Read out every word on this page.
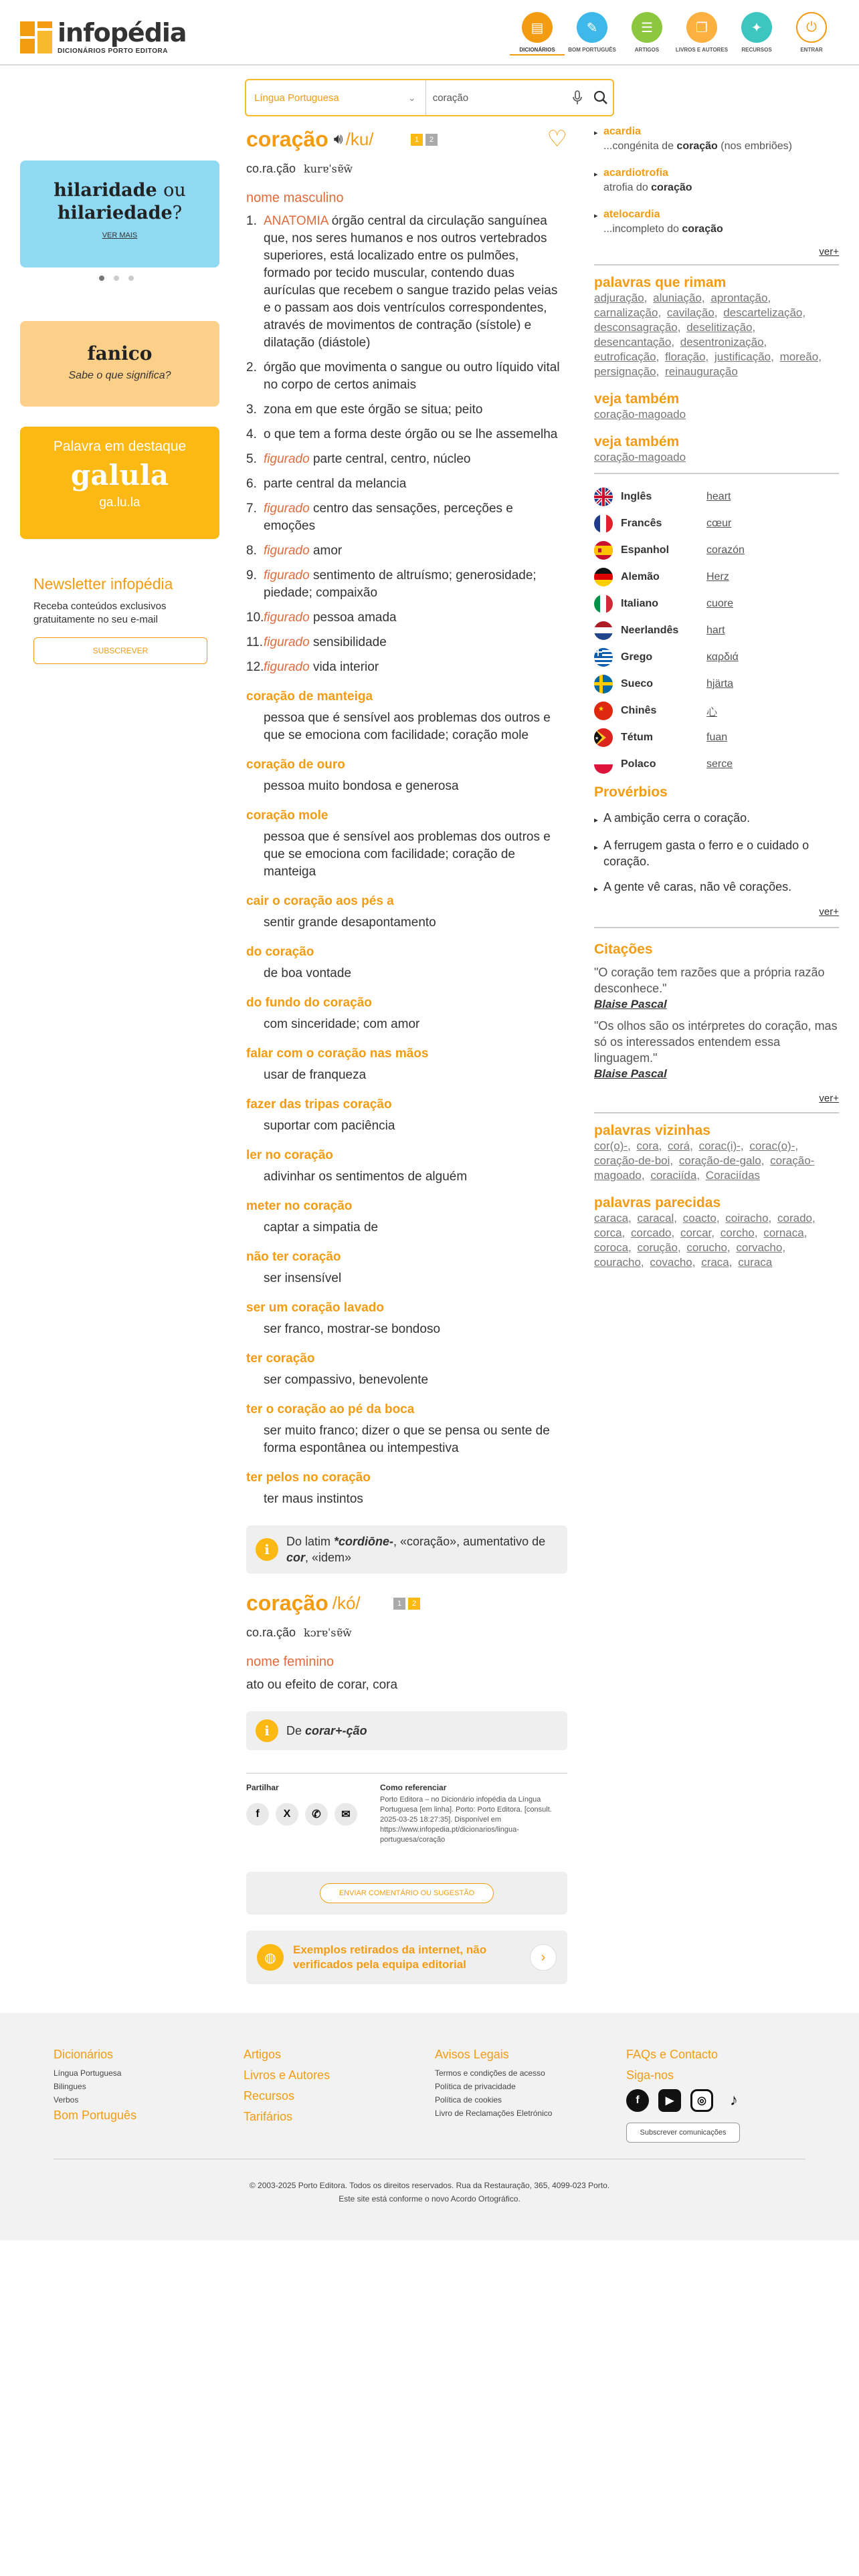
infopédia
DICIONÁRIOS PORTO EDITORA
▤
DICIONÁRIOS
✎
BOM PORTUGUÊS
☰
ARTIGOS
❒
LIVROS E AUTORES
✦
RECURSOS
⏻
ENTRAR
Língua Portuguesa	⌄
coração
hilaridade ou
hilariedade?
VER MAIS
fanico
Sabe o que significa?
Palavra em destaque
galula
ga.lu.la
Newsletter infopédia
Receba conteúdos exclusivos gratuitamente no seu e-mail
SUBSCREVER
coração 🔊︎ /ku/	1	2	♡
co.ra.ção kurɐˈsɐ̃w̃
nome masculino
1. ANATOMIA órgão central da circulação sanguínea que, nos seres humanos e nos outros vertebrados superiores, está localizado entre os pulmões, formado por tecido muscular, contendo duas aurículas que recebem o sangue trazido pelas veias e o passam aos dois ventrículos correspondentes, através de movimentos de contração (sístole) e dilatação (diástole)
2. órgão que movimenta o sangue ou outro líquido vital no corpo de certos animais
3. zona em que este órgão se situa; peito
4. o que tem a forma deste órgão ou se lhe assemelha
5. figurado parte central, centro, núcleo
6. parte central da melancia
7. figurado centro das sensações, perceções e emoções
8. figurado amor
9. figurado sentimento de altruísmo; generosidade; piedade; compaixão
10. figurado pessoa amada
11. figurado sensibilidade
12. figurado vida interior
coração de manteiga
pessoa que é sensível aos problemas dos outros e que se emociona com facilidade; coração mole
coração de ouro
pessoa muito bondosa e generosa
coração mole
pessoa que é sensível aos problemas dos outros e que se emociona com facilidade; coração de manteiga
cair o coração aos pés a
sentir grande desapontamento
do coração
de boa vontade
do fundo do coração
com sinceridade; com amor
falar com o coração nas mãos
usar de franqueza
fazer das tripas coração
suportar com paciência
ler no coração
adivinhar os sentimentos de alguém
meter no coração
captar a simpatia de
não ter coração
ser insensível
ser um coração lavado
ser franco, mostrar-se bondoso
ter coração
ser compassivo, benevolente
ter o coração ao pé da boca
ser muito franco; dizer o que se pensa ou sente de forma espontânea ou intempestiva
ter pelos no coração
ter maus instintos
i	Do latim *cordiōne-, «coração», aumentativo de cor, «idem»
coração /kó/	1	2
co.ra.ção kɔrɐˈsɐ̃w̃
nome feminino
ato ou efeito de corar, cora
i	De corar+-ção
Partilhar
f	X	✆	✉
Como referenciar
Porto Editora – no Dicionário infopédia da Língua Portuguesa [em linha]. Porto: Porto Editora. [consult. 2025-03-25 18:27:35]. Disponível em https://www.infopedia.pt/dicionarios/lingua-portuguesa/coração
ENVIAR COMENTÁRIO OU SUGESTÃO
◍
Exemplos retirados da internet, não verificados pela equipa editorial	›
▸ acardia
...congénita de coração (nos embriões)
▸ acardiotrofia
atrofia do coração
▸ atelocardia
...incompleto do coração
ver+
palavras que rimam
adjuração, aluniação, aprontação, carnalização, cavilação, descartelização, desconsagração, deselitização, desencantação, desentronização, eutroficação, floração, justificação, moreão, persignação, reinauguração
veja também
coração-magoado
veja também
coração-magoado
Inglês	heart
Francês	cœur
Espanhol	corazón
Alemão	Herz
Italiano	cuore
Neerlandês	hart
Grego	καρδιά
Sueco	hjärta
★ Chinês	心
★ Tétum	fuan
Polaco	serce
Provérbios
▸ A ambição cerra o coração.
▸ A ferrugem gasta o ferro e o cuidado o coração.
▸ A gente vê caras, não vê corações.
ver+
Citações
"O coração tem razões que a própria razão desconhece."
Blaise Pascal
"Os olhos são os intérpretes do coração, mas só os interessados entendem essa linguagem."
Blaise Pascal
ver+
palavras vizinhas
cor(o)-, cora, corá, corac(i)-, corac(o)-, coração-de-boi, coração-de-galo, coração-magoado, coraciída, Coraciídas
palavras parecidas
caraca, caracal, coacto, coiracho, corado, corca, corcado, corcar, corcho, cornaca, coroca, corução, corucho, corvacho, couracho, covacho, craca, curaca
Dicionários
Língua Portuguesa
Bilingues
Verbos
Bom Português
Artigos
Livros e Autores
Recursos
Tarifários
Avisos Legais
Termos e condições de acesso
Política de privacidade
Política de cookies
Livro de Reclamações Eletrónico
FAQs e Contacto
Siga-nos
f	▶	◎	♪
Subscrever comunicações
© 2003-2025 Porto Editora. Todos os direitos reservados. Rua da Restauração, 365, 4099-023 Porto.
Este site está conforme o novo Acordo Ortográfico.
